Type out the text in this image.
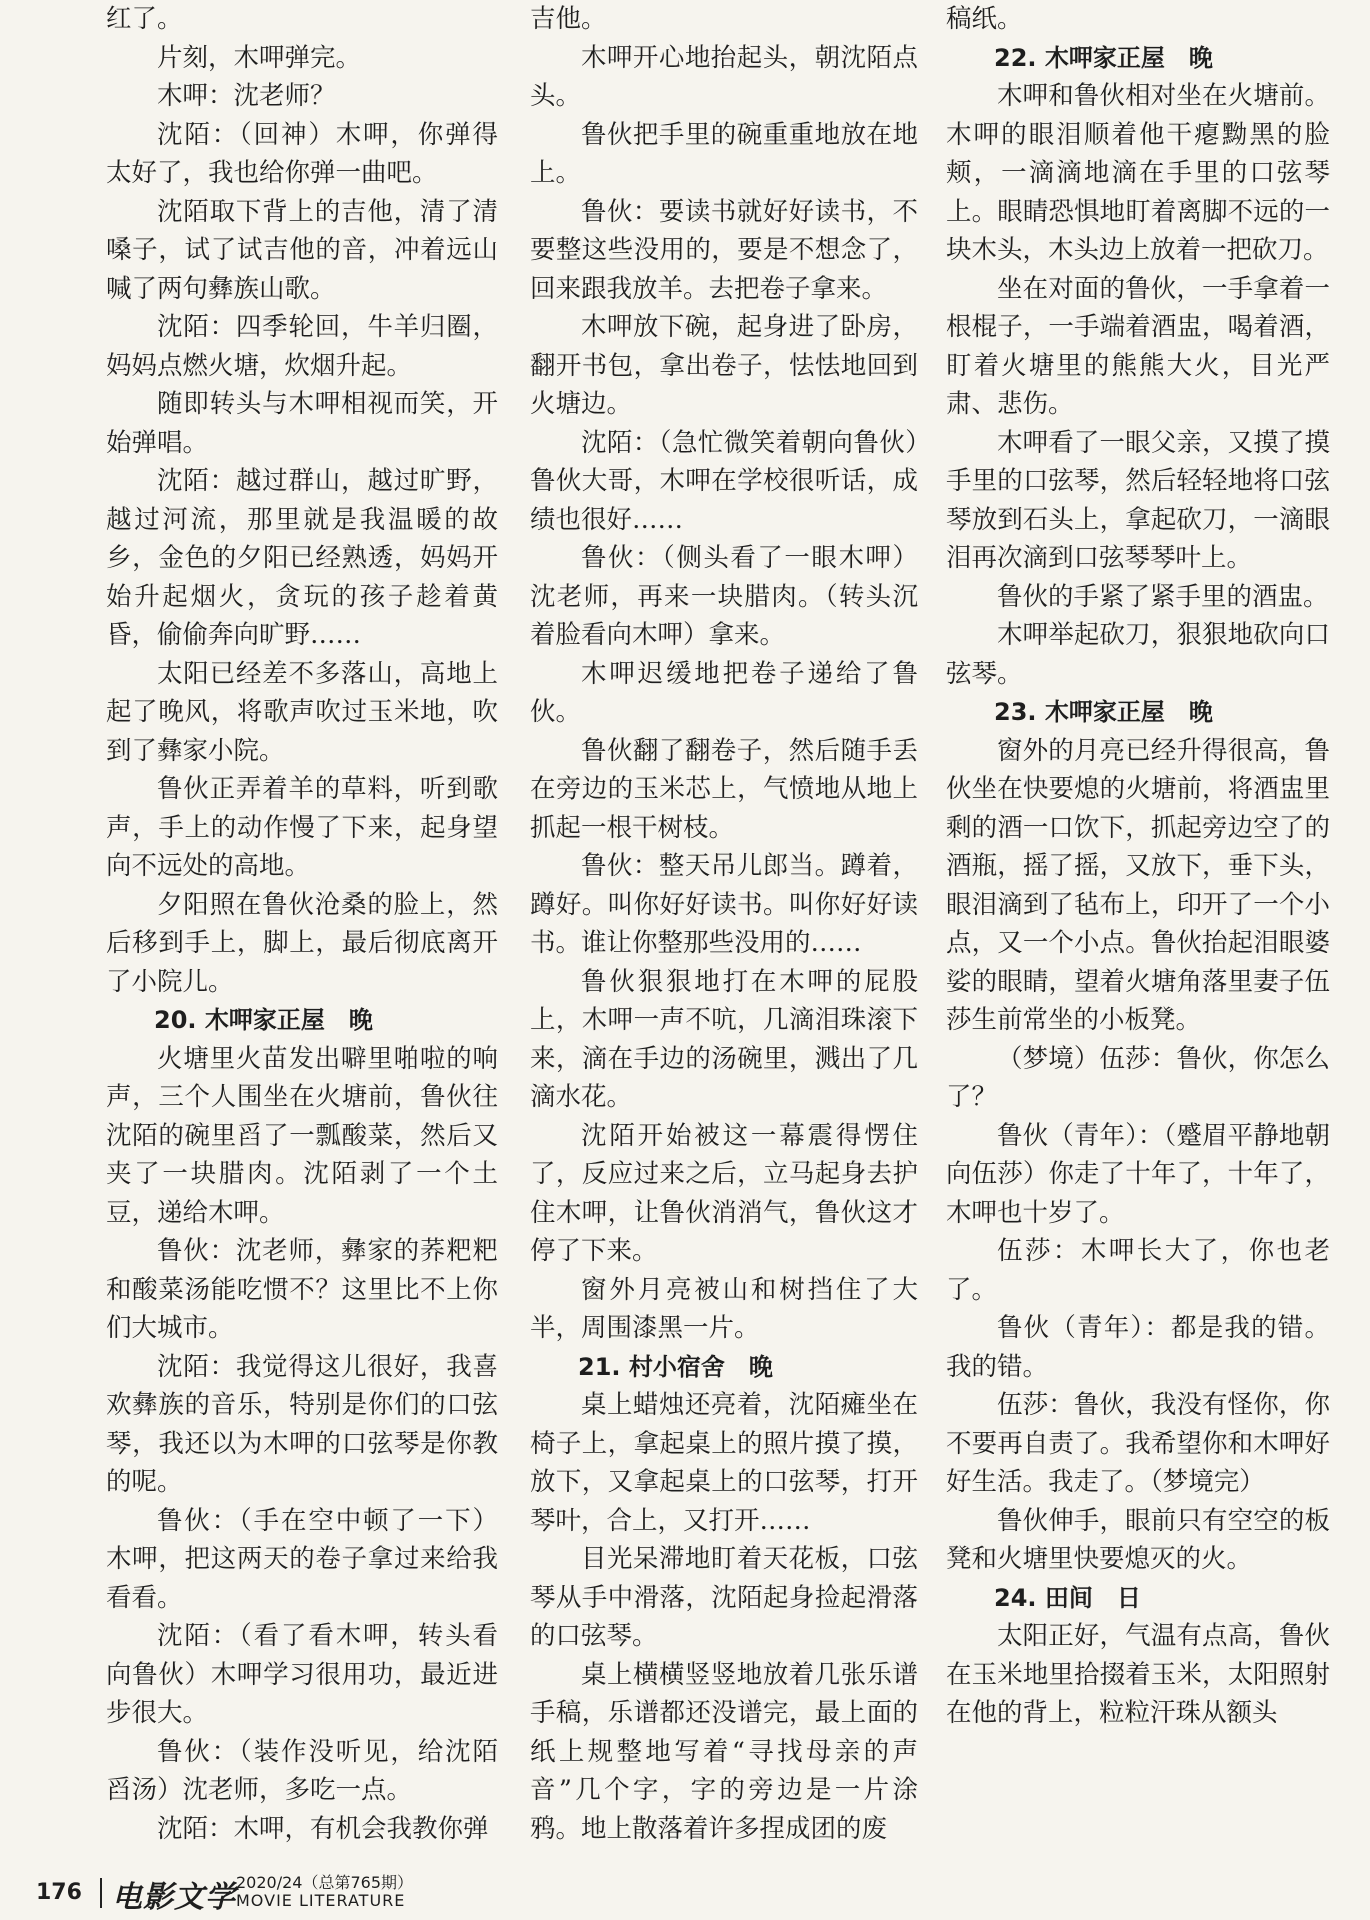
红了。

片刻，木呷弹完。

木呷：沈老师？

沈陌：（回神）木呷，你弹得太好了，我也给你弹一曲吧。

沈陌取下背上的吉他，清了清嗓子，试了试吉他的音，冲着远山喊了两句彝族山歌。

沈陌：四季轮回，牛羊归圈，妈妈点燃火塘，炊烟升起。

随即转头与木呷相视而笑，开始弹唱。

沈陌：越过群山，越过旷野，越过河流，那里就是我温暖的故乡，金色的夕阳已经熟透，妈妈开始升起烟火，贪玩的孩子趁着黄昏，偷偷奔向旷野……

太阳已经差不多落山，高地上起了晚风，将歌声吹过玉米地，吹到了彝家小院。

鲁伙正弄着羊的草料，听到歌声，手上的动作慢了下来，起身望向不远处的高地。

夕阳照在鲁伙沧桑的脸上，然后移到手上，脚上，最后彻底离开了小院儿。

20. 木呷家正屋　晚

火塘里火苗发出噼里啪啦的响声，三个人围坐在火塘前，鲁伙往沈陌的碗里舀了一瓢酸菜，然后又夹了一块腊肉。沈陌剥了一个土豆，递给木呷。

鲁伙：沈老师，彝家的荞粑粑和酸菜汤能吃惯不？这里比不上你们大城市。

沈陌：我觉得这儿很好，我喜欢彝族的音乐，特别是你们的口弦琴，我还以为木呷的口弦琴是你教的呢。

鲁伙：（手在空中顿了一下）木呷，把这两天的卷子拿过来给我看看。

沈陌：（看了看木呷，转头看向鲁伙）木呷学习很用功，最近进步很大。

鲁伙：（装作没听见，给沈陌舀汤）沈老师，多吃一点。

沈陌：木呷，有机会我教你弹

吉他。

木呷开心地抬起头，朝沈陌点头。

鲁伙把手里的碗重重地放在地上。

鲁伙：要读书就好好读书，不要整这些没用的，要是不想念了，回来跟我放羊。去把卷子拿来。

木呷放下碗，起身进了卧房，翻开书包，拿出卷子，怯怯地回到火塘边。

沈陌：（急忙微笑着朝向鲁伙）鲁伙大哥，木呷在学校很听话，成绩也很好……

鲁伙：（侧头看了一眼木呷）沈老师，再来一块腊肉。（转头沉着脸看向木呷）拿来。

木呷迟缓地把卷子递给了鲁伙。

鲁伙翻了翻卷子，然后随手丢在旁边的玉米芯上，气愤地从地上抓起一根干树枝。

鲁伙：整天吊儿郎当。蹲着，蹲好。叫你好好读书。叫你好好读书。谁让你整那些没用的……

鲁伙狠狠地打在木呷的屁股上，木呷一声不吭，几滴泪珠滚下来，滴在手边的汤碗里，溅出了几滴水花。

沈陌开始被这一幕震得愣住了，反应过来之后，立马起身去护住木呷，让鲁伙消消气，鲁伙这才停了下来。

窗外月亮被山和树挡住了大半，周围漆黑一片。

21. 村小宿舍　晚

桌上蜡烛还亮着，沈陌瘫坐在椅子上，拿起桌上的照片摸了摸，放下，又拿起桌上的口弦琴，打开琴叶，合上，又打开……

目光呆滞地盯着天花板，口弦琴从手中滑落，沈陌起身捡起滑落的口弦琴。

桌上横横竖竖地放着几张乐谱手稿，乐谱都还没谱完，最上面的纸上规整地写着“寻找母亲的声音”几个字，字的旁边是一片涂鸦。地上散落着许多捏成团的废

稿纸。

22. 木呷家正屋　晚

木呷和鲁伙相对坐在火塘前。木呷的眼泪顺着他干瘪黝黑的脸颊，一滴滴地滴在手里的口弦琴上。眼睛恐惧地盯着离脚不远的一块木头，木头边上放着一把砍刀。

坐在对面的鲁伙，一手拿着一根棍子，一手端着酒盅，喝着酒，盯着火塘里的熊熊大火，目光严肃、悲伤。

木呷看了一眼父亲，又摸了摸手里的口弦琴，然后轻轻地将口弦琴放到石头上，拿起砍刀，一滴眼泪再次滴到口弦琴琴叶上。

鲁伙的手紧了紧手里的酒盅。

木呷举起砍刀，狠狠地砍向口弦琴。

23. 木呷家正屋　晚

窗外的月亮已经升得很高，鲁伙坐在快要熄的火塘前，将酒盅里剩的酒一口饮下，抓起旁边空了的酒瓶，摇了摇，又放下，垂下头，眼泪滴到了毡布上，印开了一个小点，又一个小点。鲁伙抬起泪眼婆娑的眼睛，望着火塘角落里妻子伍莎生前常坐的小板凳。

（梦境）伍莎：鲁伙，你怎么了？

鲁伙（青年）：（蹙眉平静地朝向伍莎）你走了十年了，十年了，木呷也十岁了。

伍莎：木呷长大了，你也老了。

鲁伙（青年）：都是我的错。我的错。

伍莎：鲁伙，我没有怪你，你不要再自责了。我希望你和木呷好好生活。我走了。（梦境完）

鲁伙伸手，眼前只有空空的板凳和火塘里快要熄灭的火。

24. 田间　日

太阳正好，气温有点高，鲁伙在玉米地里拾掇着玉米，太阳照射在他的背上，粒粒汗珠从额头

176 电影文学 2020/24（总第765期）
MOVIE LITERATURE
